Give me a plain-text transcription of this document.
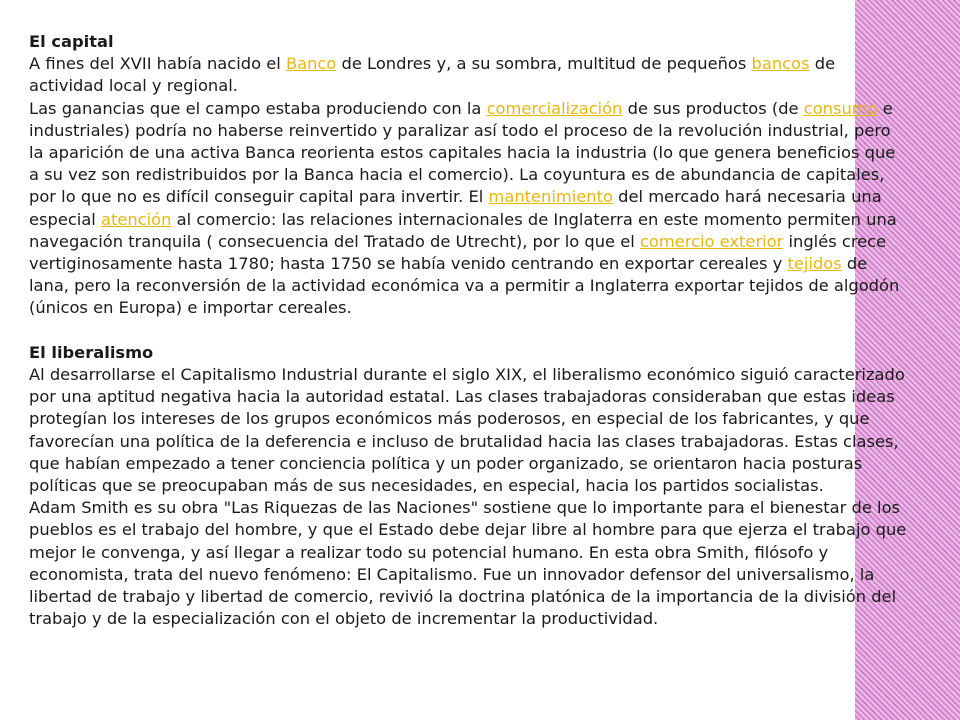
El capital

A fines del XVII había nacido el Banco de Londres y, a su sombra, multitud de pequeños bancos de actividad local y regional.

Las ganancias que el campo estaba produciendo con la comercialización de sus productos (de consumo e industriales) podría no haberse reinvertido y paralizar así todo el proceso de la revolución industrial, pero la aparición de una activa Banca reorienta estos capitales hacia la industria (lo que genera beneficios que a su vez son redistribuidos por la Banca hacia el comercio). La coyuntura es de abundancia de capitales, por lo que no es difícil conseguir capital para invertir. El mantenimiento del mercado hará necesaria una especial atención al comercio: las relaciones internacionales de Inglaterra en este momento permiten una navegación tranquila ( consecuencia del Tratado de Utrecht), por lo que el comercio exterior inglés crece vertiginosamente hasta 1780; hasta 1750 se había venido centrando en exportar cereales y tejidos de lana, pero la reconversión de la actividad económica va a permitir a Inglaterra exportar tejidos de algodón (únicos en Europa) e importar cereales.

El liberalismo

Al desarrollarse el Capitalismo Industrial durante el siglo XIX, el liberalismo económico siguió caracterizado por una aptitud negativa hacia la autoridad estatal. Las clases trabajadoras consideraban que estas ideas protegían los intereses de los grupos económicos más poderosos, en especial de los fabricantes, y que favorecían una política de la deferencia e incluso de brutalidad hacia las clases trabajadoras. Estas clases, que habían empezado a tener conciencia política y un poder organizado, se orientaron hacia posturas políticas que se preocupaban más de sus necesidades, en especial, hacia los partidos socialistas.

Adam Smith es su obra "Las Riquezas de las Naciones" sostiene que lo importante para el bienestar de los pueblos es el trabajo del hombre, y que el Estado debe dejar libre al hombre para que ejerza el trabajo que mejor le convenga, y así llegar a realizar todo su potencial humano. En esta obra Smith, filósofo y economista, trata del nuevo fenómeno: El Capitalismo. Fue un innovador defensor del universalismo, la libertad de trabajo y libertad de comercio, revivió la doctrina platónica de la importancia de la división del trabajo y de la especialización con el objeto de incrementar la productividad.
